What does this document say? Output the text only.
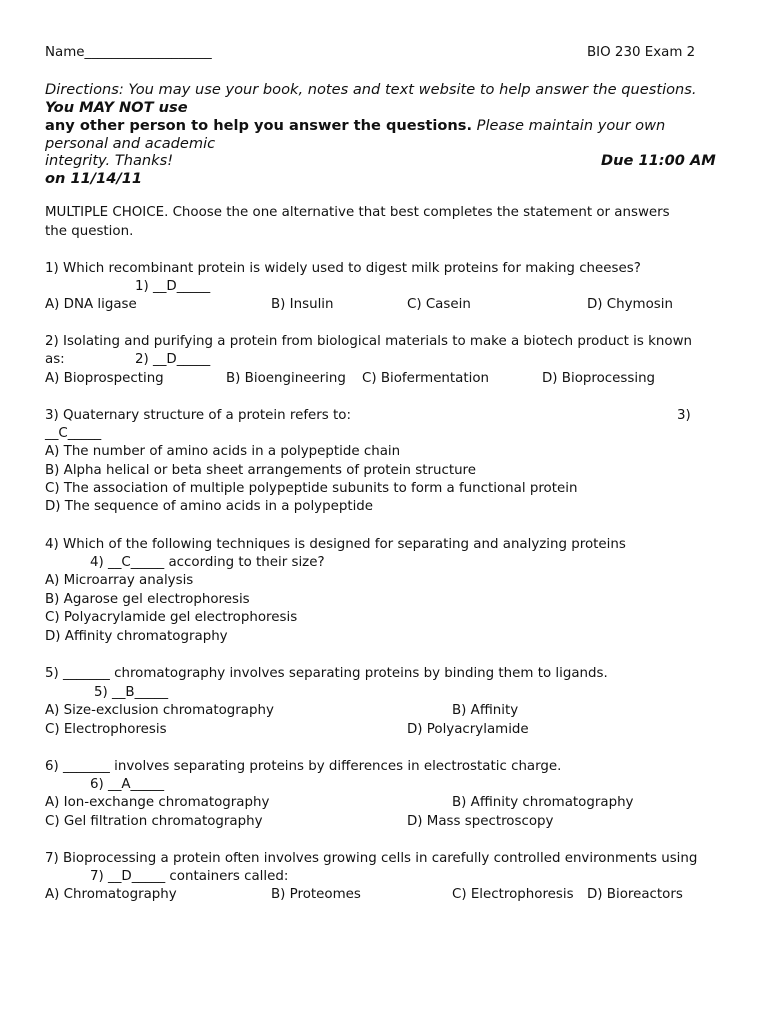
Name___________________	BIO 230 Exam 2
Directions: You may use your book, notes and text website to help answer the questions.
You MAY NOT use
any other person to help you answer the questions. Please maintain your own
personal and academic
integrity. Thanks!	Due 11:00 AM
on 11/14/11
MULTIPLE CHOICE. Choose the one alternative that best completes the statement or answers
the question.
1) Which recombinant protein is widely used to digest milk proteins for making cheeses?
1) __D_____
A) DNA ligase	B) Insulin	C) Casein	D) Chymosin
2) Isolating and purifying a protein from biological materials to make a biotech product is known
as:	2) __D_____
A) Bioprospecting	B) Bioengineering C) Biofermentation	D) Bioprocessing
3) Quaternary structure of a protein refers to:	3)
__C_____
A) The number of amino acids in a polypeptide chain
B) Alpha helical or beta sheet arrangements of protein structure
C) The association of multiple polypeptide subunits to form a functional protein
D) The sequence of amino acids in a polypeptide
4) Which of the following techniques is designed for separating and analyzing proteins
4) __C_____ according to their size?
A) Microarray analysis
B) Agarose gel electrophoresis
C) Polyacrylamide gel electrophoresis
D) Affinity chromatography
5) _______ chromatography involves separating proteins by binding them to ligands.
5) __B_____
A) Size-exclusion chromatography	B) Affinity
C) Electrophoresis	D) Polyacrylamide
6) _______ involves separating proteins by differences in electrostatic charge.
6) __A_____
A) Ion-exchange chromatography	B) Affinity chromatography
C) Gel filtration chromatography	D) Mass spectroscopy
7) Bioprocessing a protein often involves growing cells in carefully controlled environments using
7) __D_____ containers called:
A) Chromatography	B) Proteomes	C) Electrophoresis D) Bioreactors
